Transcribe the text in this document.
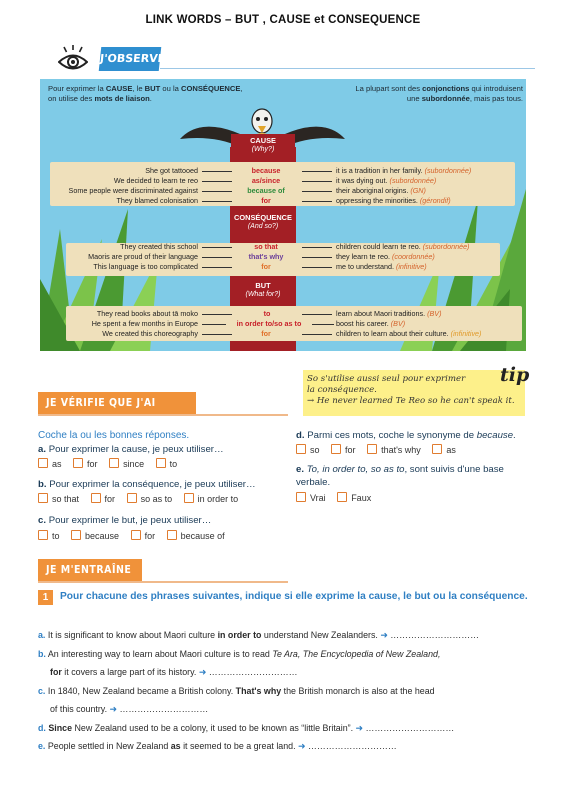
LINK WORDS – BUT , CAUSE et CONSEQUENCE
J'OBSERVE
Pour exprimer la CAUSE, le BUT ou la CONSÉQUENCE,
on utilise des mots de liaison.
La plupart sont des conjonctions qui introduisent
une subordonnée, mais pas tous.
CAUSE
(Why?)
She got tattooed	because	it is a tradition in her family. (subordonnée)
We decided to learn te reo	as/since	it was dying out. (subordonnée)
Some people were discriminated against	because of	their aboriginal origins. (GN)
They blamed colonisation	for	oppressing the minorities. (gérondif)
CONSÉQUENCE
(And so?)
They created this school	so that	children could learn te reo. (subordonnée)
Maoris are proud of their language	that's why	they learn te reo. (coordonnée)
This language is too complicated	for	me to understand. (infinitive)
BUT
(What for?)
They read books about tā moko	to	learn about Maori traditions. (BV)
He spent a few months in Europe	in order to/so as to	boost his career. (BV)
We created this choreography	for	children to learn about their culture. (infinitive)
So s'utilise aussi seul pour exprimer
la conséquence.
→ He never learned Te Reo so he can't speak it.
tip
JE VÉRIFIE QUE J'AI COMPRIS
Coche la ou les bonnes réponses.
a. Pour exprimer la cause, je peux utiliser…
as	for	since	to
b. Pour exprimer la conséquence, je peux utiliser…
so that	for	so as to	in order to
c. Pour exprimer le but, je peux utiliser…
to	because	for	because of
d. Parmi ces mots, coche le synonyme de because.
so	for	that's why	as
e. To, in order to, so as to, sont suivis d'une base verbale.
Vrai	Faux
JE M'ENTRAÎNE
1	Pour chacune des phrases suivantes, indique si elle exprime la cause, le but ou la conséquence.
a. It is significant to know about Maori culture in order to understand New Zealanders. ➜ …………………………
b. An interesting way to learn about Maori culture is to read Te Ara, The Encyclopedia of New Zealand,
for it covers a large part of its history. ➜ …………………………
c. In 1840, New Zealand became a British colony. That's why the British monarch is also at the head
of this country. ➜ …………………………
d. Since New Zealand used to be a colony, it used to be known as “little Britain”. ➜ …………………………
e. People settled in New Zealand as it seemed to be a great land. ➜ …………………………
